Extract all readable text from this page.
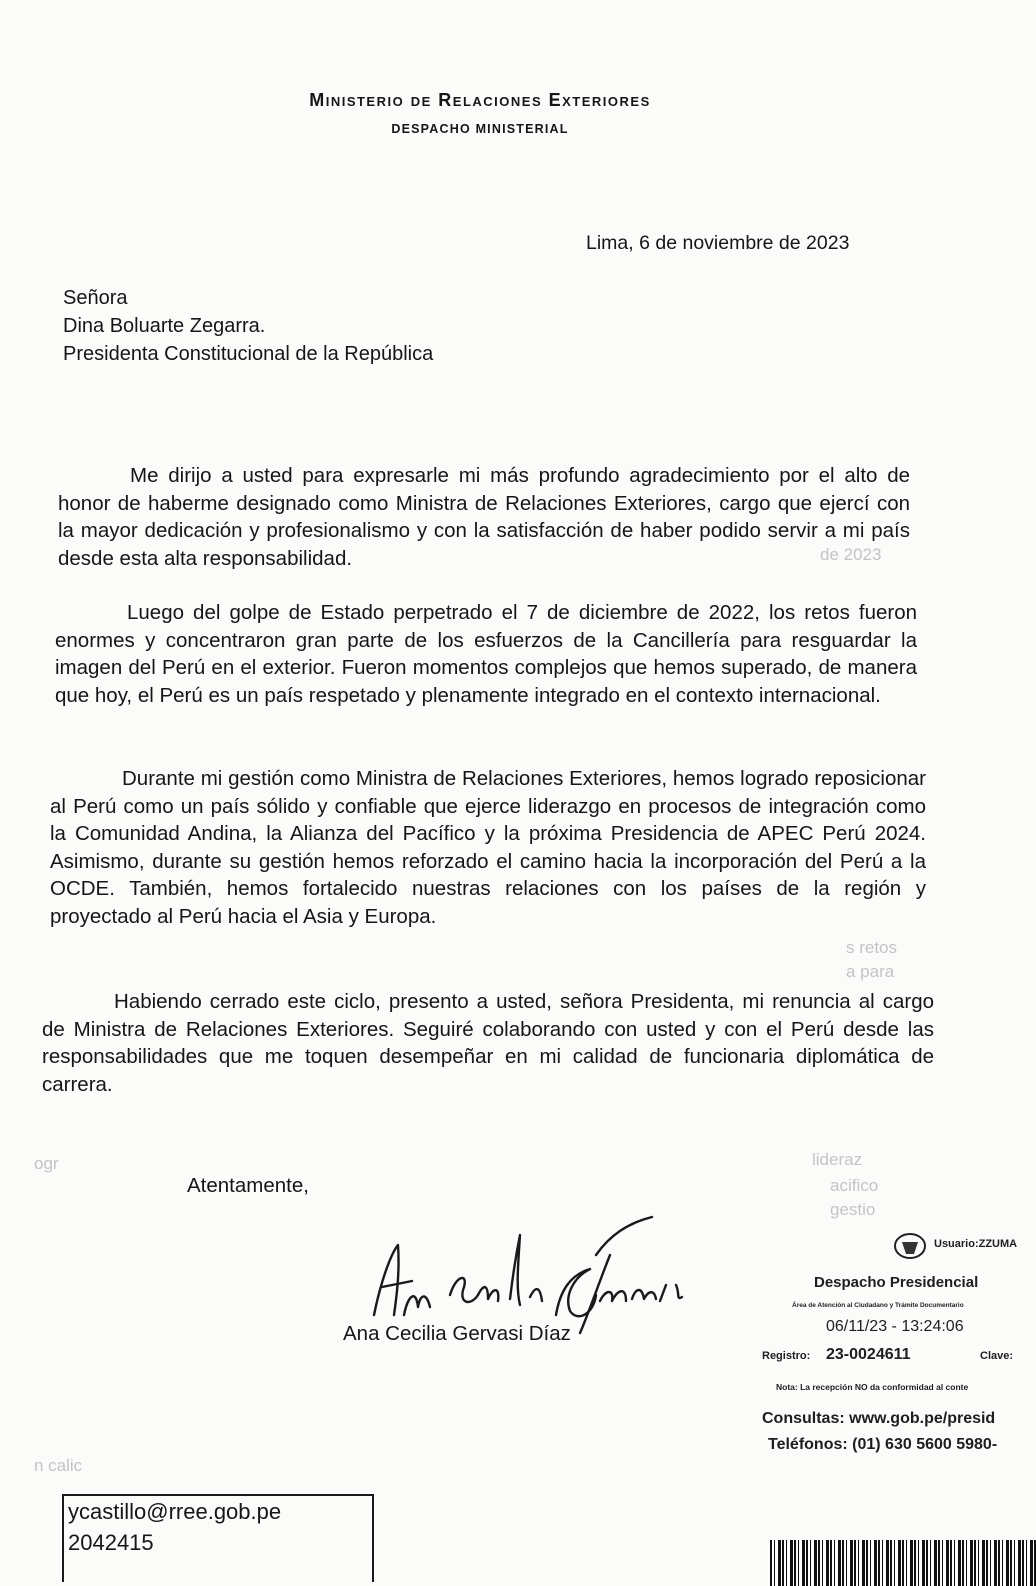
Ministerio de Relaciones Exteriores
DESPACHO MINISTERIAL
Lima, 6 de noviembre de 2023
Señora
Dina Boluarte Zegarra.
Presidenta Constitucional de la República
Me dirijo a usted para expresarle mi más profundo agradecimiento por el alto de honor de haberme designado como Ministra de Relaciones Exteriores, cargo que ejercí con la mayor dedicación y profesionalismo y con la satisfacción de haber podido servir a mi país desde esta alta responsabilidad.
Luego del golpe de Estado perpetrado el 7 de diciembre de 2022, los retos fueron enormes y concentraron gran parte de los esfuerzos de la Cancillería para resguardar la imagen del Perú en el exterior. Fueron momentos complejos que hemos superado, de manera que hoy, el Perú es un país respetado y plenamente integrado en el contexto internacional.
Durante mi gestión como Ministra de Relaciones Exteriores, hemos logrado reposicionar al Perú como un país sólido y confiable que ejerce liderazgo en procesos de integración como la Comunidad Andina, la Alianza del Pacífico y la próxima Presidencia de APEC Perú 2024. Asimismo, durante su gestión hemos reforzado el camino hacia la incorporación del Perú a la OCDE. También, hemos fortalecido nuestras relaciones con los países de la región y proyectado al Perú hacia el Asia y Europa.
Habiendo cerrado este ciclo, presento a usted, señora Presidenta, mi renuncia al cargo de Ministra de Relaciones Exteriores. Seguiré colaborando con usted y con el Perú desde las responsabilidades que me toquen desempeñar en mi calidad de funcionaria diplomática de carrera.
Atentamente,
Ana Cecilia Gervasi Díaz
ycastillo@rree.gob.pe
2042415
Usuario:ZZUMA
Despacho Presidencial
Área de Atención al Ciudadano y Trámite Documentario
06/11/23 - 13:24:06
Registro: 23-0024611	Clave:
Nota: La recepción NO da conformidad al conte
Consultas: www.gob.pe/presid
Teléfonos: (01) 630 5600 5980-
de 2023
s retos
a para
lideraz
acifico
gestio
ogr
n calic
